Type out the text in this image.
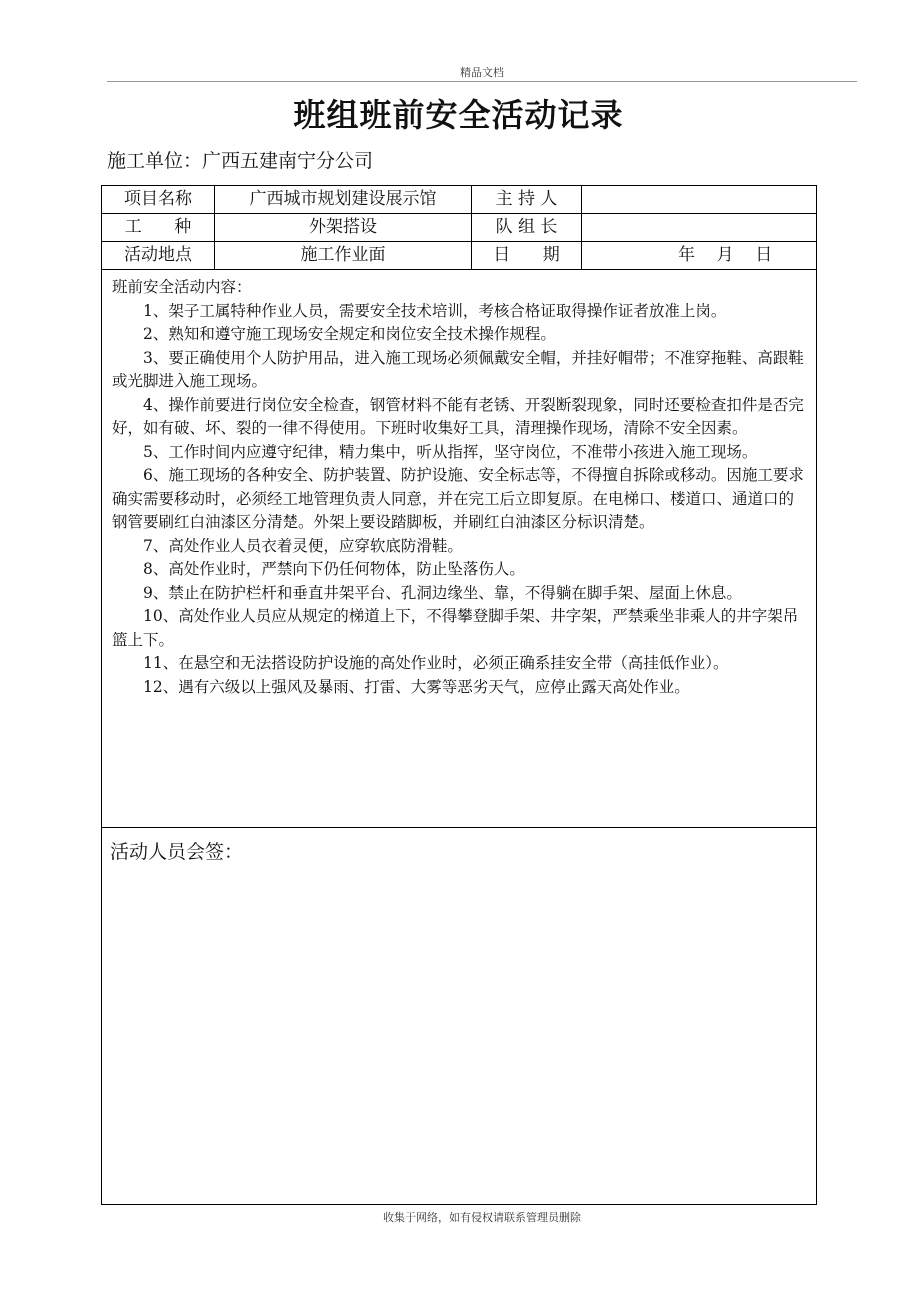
精品文档
班组班前安全活动记录
施工单位：广西五建南宁分公司
项目名称	广西城市规划建设展示馆	主 持 人
工      种	外架搭设	队 组 长
活动地点	施工作业面	日      期	年    月    日

班前安全活动内容：

1、架子工属特种作业人员，需要安全技术培训，考核合格证取得操作证者放准上岗。

2、熟知和遵守施工现场安全规定和岗位安全技术操作规程。

3、要正确使用个人防护用品，进入施工现场必须佩戴安全帽，并挂好帽带；不准穿拖鞋、高跟鞋或光脚进入施工现场。

4、操作前要进行岗位安全检查，钢管材料不能有老锈、开裂断裂现象，同时还要检查扣件是否完好，如有破、坏、裂的一律不得使用。下班时收集好工具，清理操作现场，清除不安全因素。

5、工作时间内应遵守纪律，精力集中，听从指挥，坚守岗位，不准带小孩进入施工现场。

6、施工现场的各种安全、防护装置、防护设施、安全标志等，不得擅自拆除或移动。因施工要求确实需要移动时，必须经工地管理负责人同意，并在完工后立即复原。在电梯口、楼道口、通道口的钢管要刷红白油漆区分清楚。外架上要设踏脚板，并刷红白油漆区分标识清楚。

7、高处作业人员衣着灵便，应穿软底防滑鞋。

8、高处作业时，严禁向下仍任何物体，防止坠落伤人。

9、禁止在防护栏杆和垂直井架平台、孔洞边缘坐、靠，不得躺在脚手架、屋面上休息。

10、高处作业人员应从规定的梯道上下，不得攀登脚手架、井字架，严禁乘坐非乘人的井字架吊篮上下。

11、在悬空和无法搭设防护设施的高处作业时，必须正确系挂安全带（高挂低作业）。

12、遇有六级以上强风及暴雨、打雷、大雾等恶劣天气，应停止露天高处作业。

活动人员会签：
收集于网络，如有侵权请联系管理员删除
